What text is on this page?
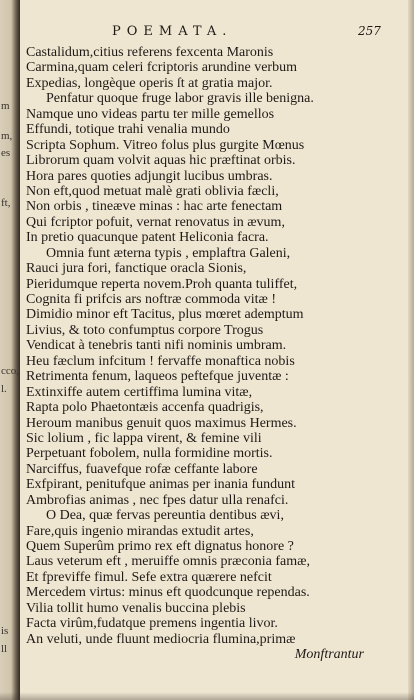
m
m,
es
ft,
cco,
l.
is
ll
POEMATA.	257
Castalidum,citius referens fexcenta Maronis
Carmina,quam celeri fcriptoris arundine verbum
Expedias, longèque operis ſt at gratia major.
Penfatur quoque fruge labor gravis ille benigna.
Namque uno videas partu ter mille gemellos
Effundi, totique trahi venalia mundo
Scripta Sophum. Vitreo folus plus gurgite Mœnus
Librorum quam volvit aquas hic præftinat orbis.
Hora pares quoties adjungit lucibus umbras.
Non eft,quod metuat malè grati oblivia fæcli,
Non orbis , tineæve minas : hac arte fenectam
Qui fcriptor pofuit, vernat renovatus in ævum,
In pretio quacunque patent Heliconia facra.
Omnia funt æterna typis , emplaftra Galeni,
Rauci jura fori, fanctique oracla Sionis,
Pieridumque reperta novem.Proh quanta tuliffet,
Cognita fi prifcis ars noftræ commoda vitæ !
Dimidio minor eft Tacitus, plus mœret ademptum
Livius, & toto confumptus corpore Trogus
Vendicat à tenebris tanti nifi nominis umbram.
Heu fæclum infcitum ! fervaffe monaftica nobis
Retrimenta fenum, laqueos peftefque juventæ :
Extinxiffe autem certiffima lumina vitæ,
Rapta polo Phaetontæis accenfa quadrigis,
Heroum manibus genuit quos maximus Hermes.
Sic lolium , fic lappa virent, & femine vili
Perpetuant fobolem, nulla formidine mortis.
Narciffus, fuavefque rofæ ceffante labore
Exfpirant, penitufque animas per inania fundunt
Ambrofias animas , nec fpes datur ulla renafci.
O Dea, quæ fervas pereuntia dentibus ævi,
Fare,quis ingenio mirandas extudit artes,
Quem Superûm primo rex eft dignatus honore ?
Laus veterum eft , meruiffe omnis præconia famæ,
Et fpreviffe fimul. Sefe extra quærere nefcit
Mercedem virtus: minus eft quodcunque rependas.
Vilia tollit humo venalis buccina plebis
Facta virûm,fudatque premens ingentia livor.
An veluti, unde fluunt mediocria flumina,primæ
Monftrantur
